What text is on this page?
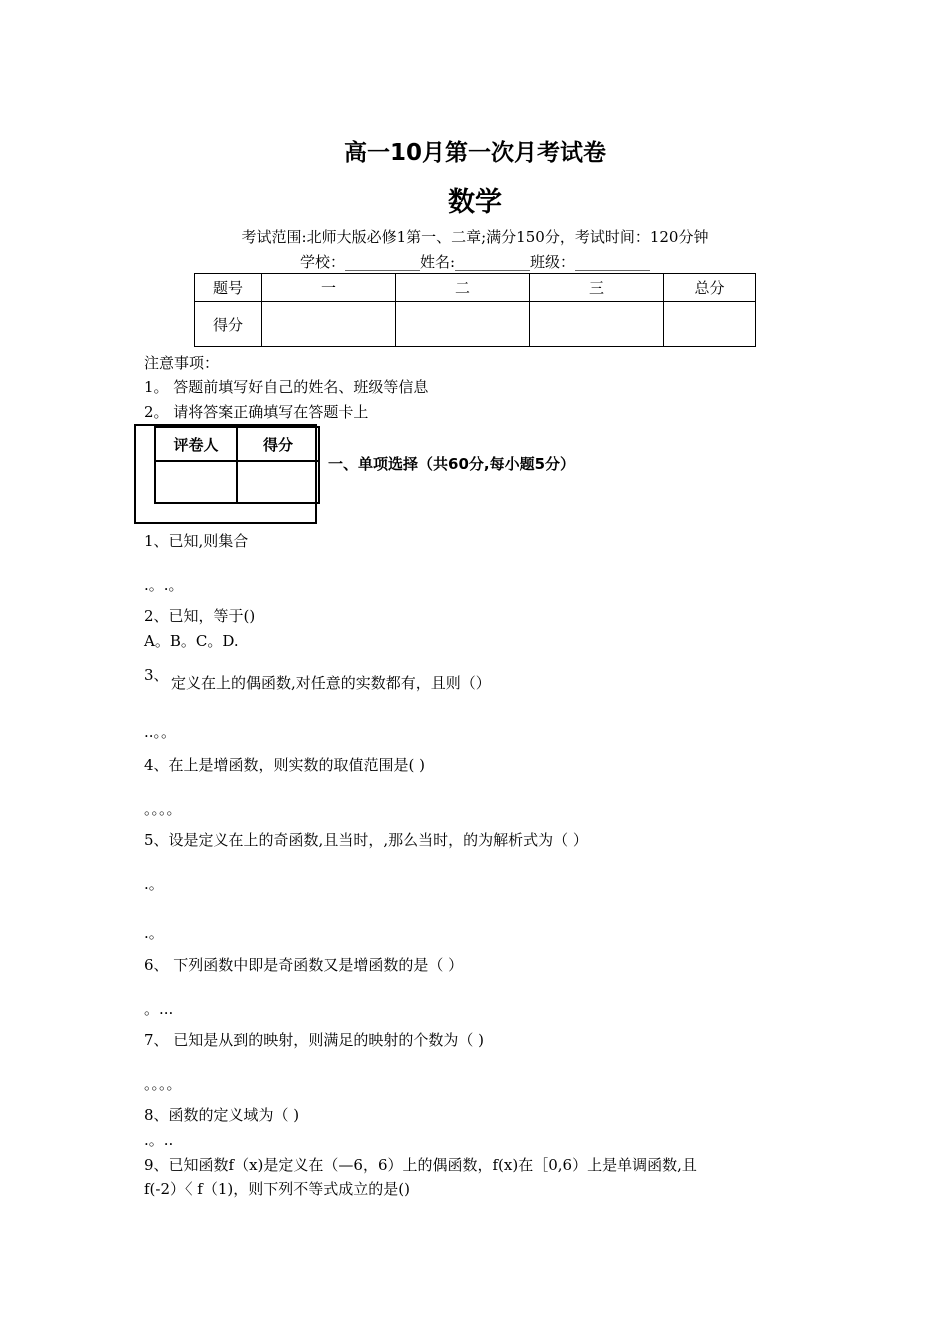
高一10月第一次月考试卷
数学
考试范围:北师大版必修1第一、二章;满分150分，考试时间：120分钟
学校：__________姓名:__________班级：__________
题号	一	二	三	总分
得分				
注意事项：
1。 答题前填写好自己的姓名、班级等信息
2。 请将答案正确填写在答题卡上
评卷人	得分

一、单项选择（共60分,每小题5分）
1、已知,则集合
.。.。
2、已知，等于()
A。B。C。D.
3、 定义在上的偶函数,对任意的实数都有，且则（）
..。。
4、在上是增函数，则实数的取值范围是( )
。。。。
5、设是定义在上的奇函数,且当时，,那么当时，的为解析式为（ ）
.。
.。
6、 下列函数中即是奇函数又是增函数的是（ ）
。...
7、 已知是从到的映射，则满足的映射的个数为（ )
。。。。
8、函数的定义域为（ )
.。..
9、已知函数f（x)是定义在（—6，6）上的偶函数，f(x)在［0,6）上是单调函数,且
f(-2）〈 f（1)，则下列不等式成立的是()
